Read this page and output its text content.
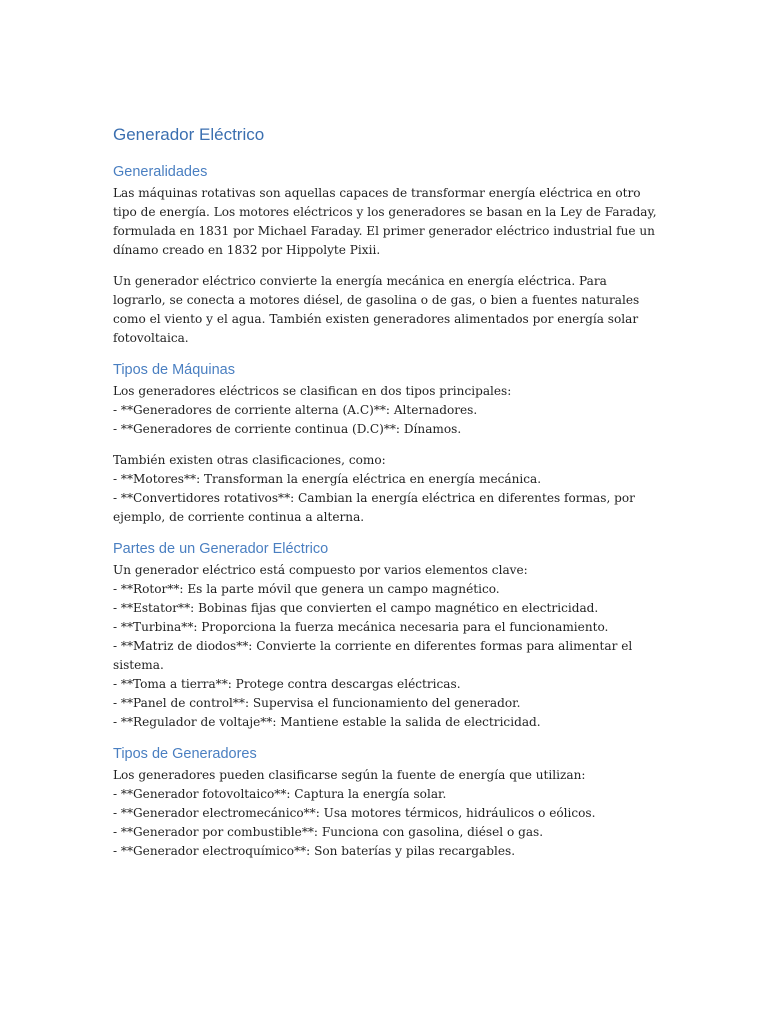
Generador Eléctrico
Generalidades

Las máquinas rotativas son aquellas capaces de transformar energía eléctrica en otro tipo de energía. Los motores eléctricos y los generadores se basan en la Ley de Faraday, formulada en 1831 por Michael Faraday. El primer generador eléctrico industrial fue un dínamo creado en 1832 por Hippolyte Pixii.

Un generador eléctrico convierte la energía mecánica en energía eléctrica. Para lograrlo, se conecta a motores diésel, de gasolina o de gas, o bien a fuentes naturales como el viento y el agua. También existen generadores alimentados por energía solar fotovoltaica.

Tipos de Máquinas

Los generadores eléctricos se clasifican en dos tipos principales:
- **Generadores de corriente alterna (A.C)**: Alternadores.
- **Generadores de corriente continua (D.C)**: Dínamos.

También existen otras clasificaciones, como:
- **Motores**: Transforman la energía eléctrica en energía mecánica.
- **Convertidores rotativos**: Cambian la energía eléctrica en diferentes formas, por ejemplo, de corriente continua a alterna.

Partes de un Generador Eléctrico

Un generador eléctrico está compuesto por varios elementos clave:
- **Rotor**: Es la parte móvil que genera un campo magnético.
- **Estator**: Bobinas fijas que convierten el campo magnético en electricidad.
- **Turbina**: Proporciona la fuerza mecánica necesaria para el funcionamiento.
- **Matriz de diodos**: Convierte la corriente en diferentes formas para alimentar el sistema.
- **Toma a tierra**: Protege contra descargas eléctricas.
- **Panel de control**: Supervisa el funcionamiento del generador.
- **Regulador de voltaje**: Mantiene estable la salida de electricidad.

Tipos de Generadores

Los generadores pueden clasificarse según la fuente de energía que utilizan:
- **Generador fotovoltaico**: Captura la energía solar.
- **Generador electromecánico**: Usa motores térmicos, hidráulicos o eólicos.
- **Generador por combustible**: Funciona con gasolina, diésel o gas.
- **Generador electroquímico**: Son baterías y pilas recargables.
